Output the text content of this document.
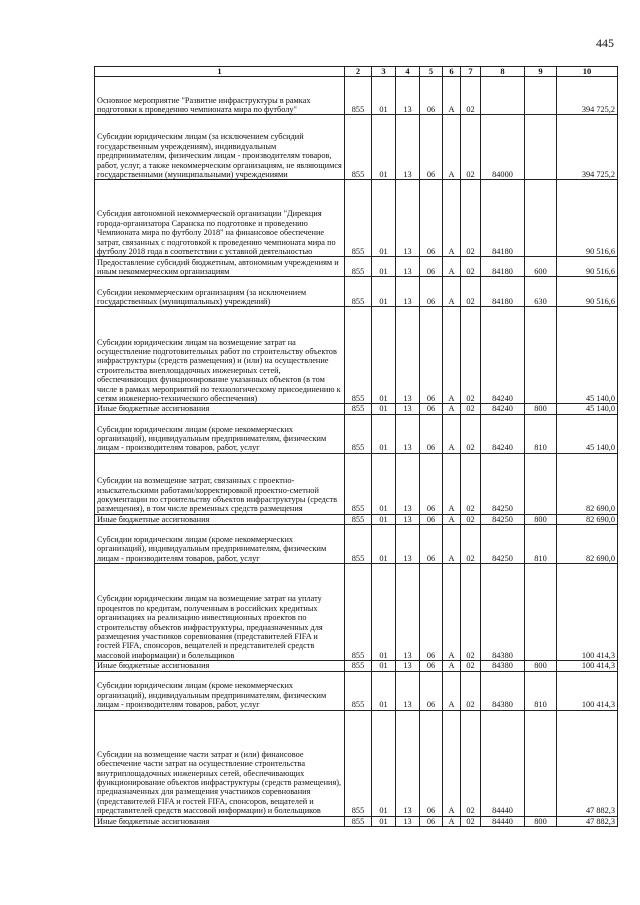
445
1	2	3	4	5	6	7	8	9	10
Основное мероприятие "Развитие инфраструктуры в рамках подготовки к проведению чемпионата мира по футболу"	855	01	13	06	А	02			394 725,2
Субсидии юридическим лицам (за исключением субсидий государственным учреждениям), индивидуальным предпринимателям, физическим лицам - производителям товаров, работ, услуг, а также некоммерческим организациям, не являющимся государственными (муниципальными) учреждениями	855	01	13	06	А	02	84000		394 725,2
Субсидия автономной некоммерческой организации "Дирекция города-организатора Саранска по подготовке и проведению Чемпионата мира по футболу 2018" на финансовое обеспечение затрат, связанных с подготовкой к проведению чемпионата мира по футболу 2018 года в соответствии с уставной деятельностью	855	01	13	06	А	02	84180		90 516,6
Предоставление субсидий бюджетным, автономным учреждениям и иным некоммерческим организациям	855	01	13	06	А	02	84180	600	90 516,6
Субсидии некоммерческим организациям (за исключением государственных (муниципальных) учреждений)	855	01	13	06	А	02	84180	630	90 516,6
Субсидии юридическим лицам на возмещение затрат на осуществление подготовительных работ по строительству объектов инфраструктуры (средств размещения) и (или) на осуществление строительства внеплощадочных инженерных сетей, обеспечивающих функционирование указанных объектов (в том числе в рамках мероприятий по технологическому присоединению к сетям инженерно-технического обеспечения)	855	01	13	06	А	02	84240		45 140,0
Иные бюджетные ассигнования	855	01	13	06	А	02	84240	800	45 140,0
Субсидии юридическим лицам (кроме некоммерческих организаций), индивидуальным предпринимателям, физическим лицам - производителям товаров, работ, услуг	855	01	13	06	А	02	84240	810	45 140,0
Субсидии на возмещение затрат, связанных с проектно-изыскательскими работами/корректировкой проектно-сметной документации по строительству объектов инфраструктуры (средств размещения), в том числе временных средств размещения	855	01	13	06	А	02	84250		82 690,0
Иные бюджетные ассигнования	855	01	13	06	А	02	84250	800	82 690,0
Субсидии юридическим лицам (кроме некоммерческих организаций), индивидуальным предпринимателям, физическим лицам - производителям товаров, работ, услуг	855	01	13	06	А	02	84250	810	82 690,0
Субсидии юридическим лицам на возмещение затрат на уплату процентов по кредитам, полученным в российских кредитных организациях на реализацию инвестиционных проектов по строительству объектов инфраструктуры, предназначенных для размещения участников соревнования (представителей FIFA и гостей FIFA, спонсоров, вещателей и представителей средств массовой информации) и болельщиков	855	01	13	06	А	02	84380		100 414,3
Иные бюджетные ассигнования	855	01	13	06	А	02	84380	800	100 414,3
Субсидии юридическим лицам (кроме некоммерческих организаций), индивидуальным предпринимателям, физическим лицам - производителям товаров, работ, услуг	855	01	13	06	А	02	84380	810	100 414,3
Субсидии на возмещение части затрат и (или) финансовое обеспечение части затрат на осуществление строительства внутриплощадочных инженерных сетей, обеспечивающих функционирование объектов инфраструктуры (средств размещения), предназначенных для размещения участников соревнования (представителей FIFA и гостей FIFA, спонсоров, вещателей и представителей средств массовой информации) и болельщиков	855	01	13	06	А	02	84440		47 882,3
Иные бюджетные ассигнования	855	01	13	06	А	02	84440	800	47 882,3
